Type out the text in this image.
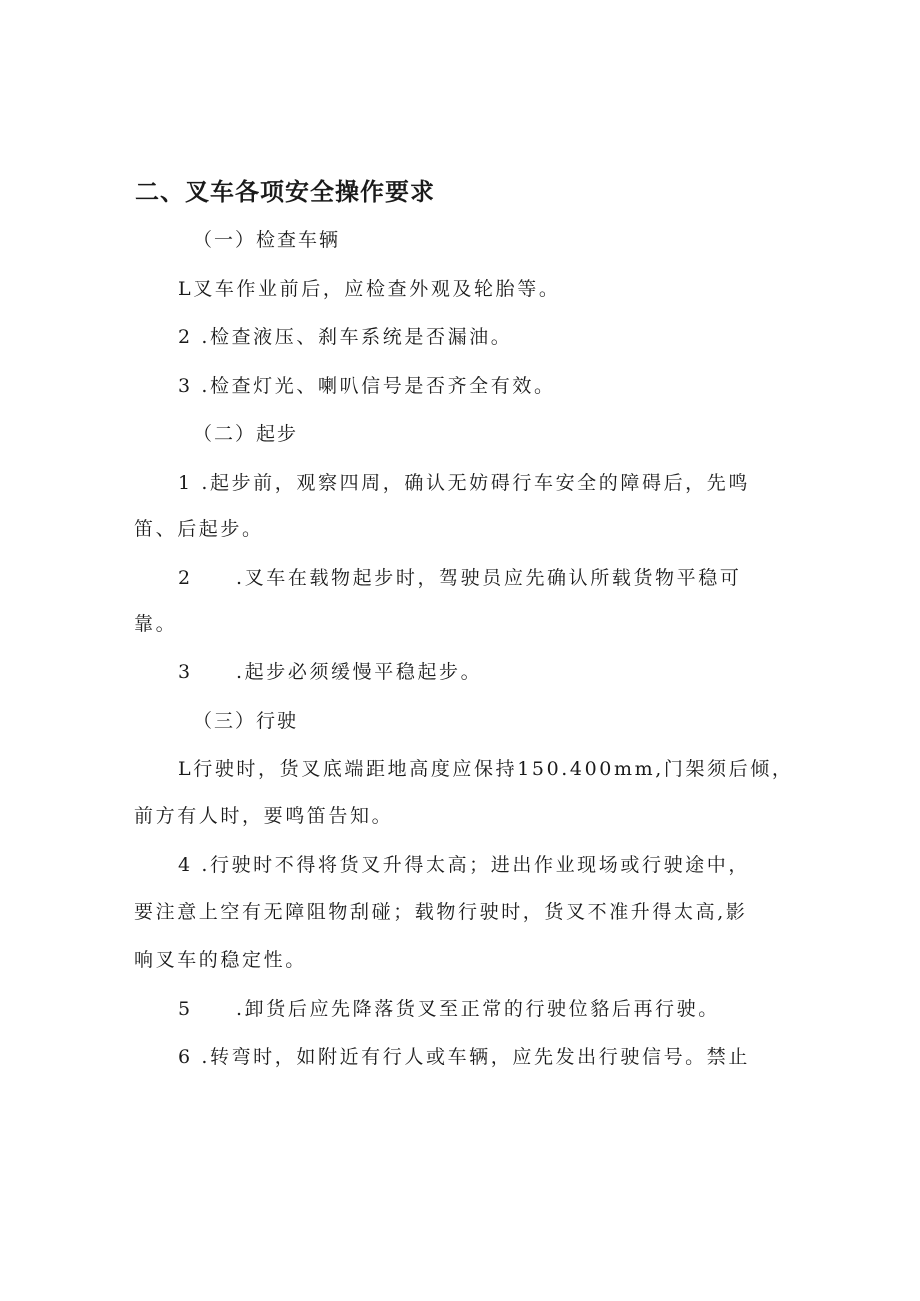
二、叉车各项安全操作要求
（一）检查车辆
L叉车作业前后，应检查外观及轮胎等。
2 .检查液压、刹车系统是否漏油。
3 .检查灯光、喇叭信号是否齐全有效。
（二）起步
1 .起步前，观察四周，确认无妨碍行车安全的障碍后，先鸣
笛、后起步。
2 .叉车在载物起步时，驾驶员应先确认所载货物平稳可
靠。
3 .起步必须缓慢平稳起步。
（三）行驶
L行驶时，货叉底端距地高度应保持150.400mm,门架须后倾，
前方有人时，要鸣笛告知。
4 .行驶时不得将货叉升得太高；进出作业现场或行驶途中，
要注意上空有无障阻物刮碰；载物行驶时，货叉不准升得太高,影
响叉车的稳定性。
5 .卸货后应先降落货叉至正常的行驶位貉后再行驶。
6 .转弯时，如附近有行人或车辆，应先发出行驶信号。禁止
